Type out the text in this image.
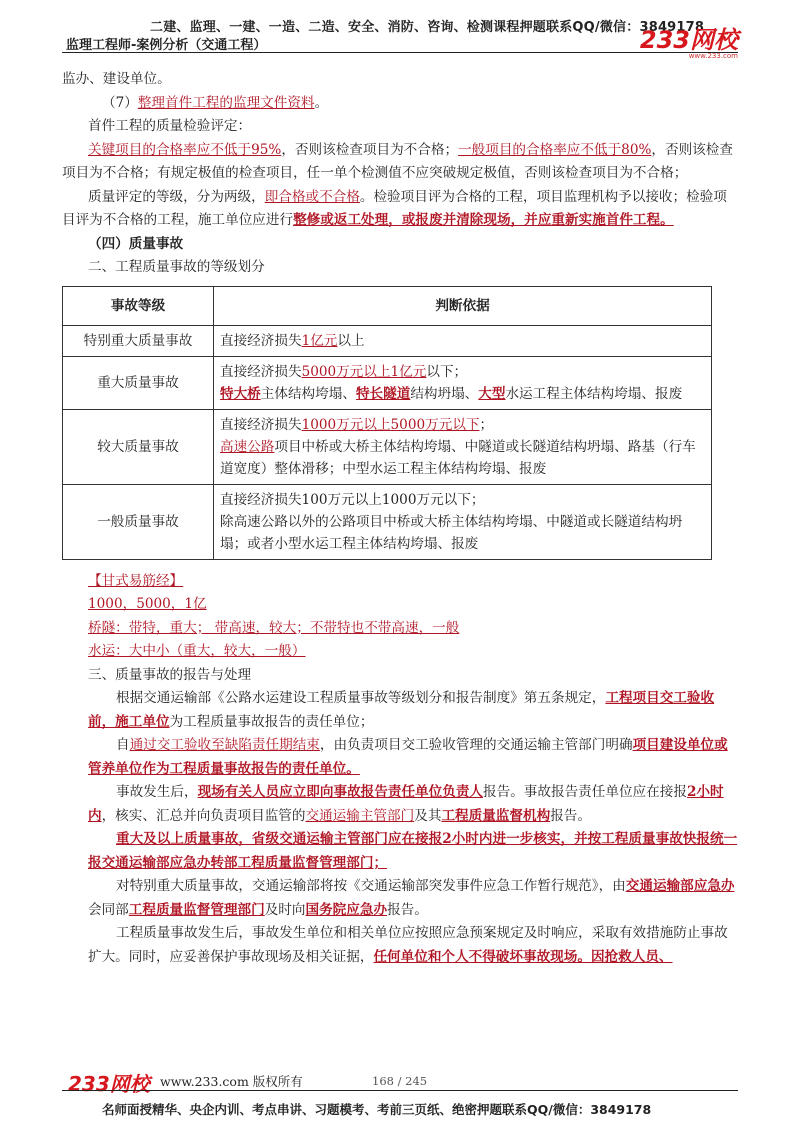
二建、监理、一建、一造、二造、安全、消防、咨询、检测课程押题联系QQ/微信：3849178
监理工程师-案例分析（交通工程）	233网校
www.233.com

监办、建设单位。

（7）整理首件工程的监理文件资料。

首件工程的质量检验评定：

关键项目的合格率应不低于95%，否则该检查项目为不合格；一般项目的合格率应不低于80%，否则该检查项目为不合格；有规定极值的检查项目，任一单个检测值不应突破规定极值，否则该检查项目为不合格；

质量评定的等级，分为两级，即合格或不合格。检验项目评为合格的工程，项目监理机构予以接收；检验项目评为不合格的工程，施工单位应进行整修或返工处理，或报废并清除现场，并应重新实施首件工程。

（四）质量事故

二、工程质量事故的等级划分

事故等级	判断依据
特别重大质量事故	直接经济损失1亿元以上
重大质量事故	直接经济损失5000万元以上1亿元以下；
特大桥主体结构垮塌、特长隧道结构坍塌、大型水运工程主体结构垮塌、报废
较大质量事故	直接经济损失1000万元以上5000万元以下；
高速公路项目中桥或大桥主体结构垮塌、中隧道或长隧道结构坍塌、路基（行车道宽度）整体滑移；中型水运工程主体结构垮塌、报废
一般质量事故	直接经济损失100万元以上1000万元以下；
除高速公路以外的公路项目中桥或大桥主体结构垮塌、中隧道或长隧道结构坍塌；或者小型水运工程主体结构垮塌、报废

【甘式易筋经】

1000，5000，1亿

桥隧：带特，重大； 带高速，较大；不带特也不带高速，一般

水运：大中小（重大，较大，一般）

三、质量事故的报告与处理

根据交通运输部《公路水运建设工程质量事故等级划分和报告制度》第五条规定，工程项目交工验收前，施工单位为工程质量事故报告的责任单位；

自通过交工验收至缺陷责任期结束，由负责项目交工验收管理的交通运输主管部门明确项目建设单位或管养单位作为工程质量事故报告的责任单位。

事故发生后，现场有关人员应立即向事故报告责任单位负责人报告。事故报告责任单位应在接报2小时内，核实、汇总并向负责项目监管的交通运输主管部门及其工程质量监督机构报告。

重大及以上质量事故，省级交通运输主管部门应在接报2小时内进一步核实，并按工程质量事故快报统一报交通运输部应急办转部工程质量监督管理部门；

对特别重大质量事故，交通运输部将按《交通运输部突发事件应急工作暂行规范》，由交通运输部应急办会同部工程质量监督管理部门及时向国务院应急办报告。

工程质量事故发生后，事故发生单位和相关单位应按照应急预案规定及时响应，采取有效措施防止事故扩大。同时，应妥善保护事故现场及相关证据，任何单位和个人不得破坏事故现场。因抢救人员、

233网校 www.233.com 版权所有	168 / 245
名师面授精华、央企内训、考点串讲、习题模考、考前三页纸、绝密押题联系QQ/微信：3849178
